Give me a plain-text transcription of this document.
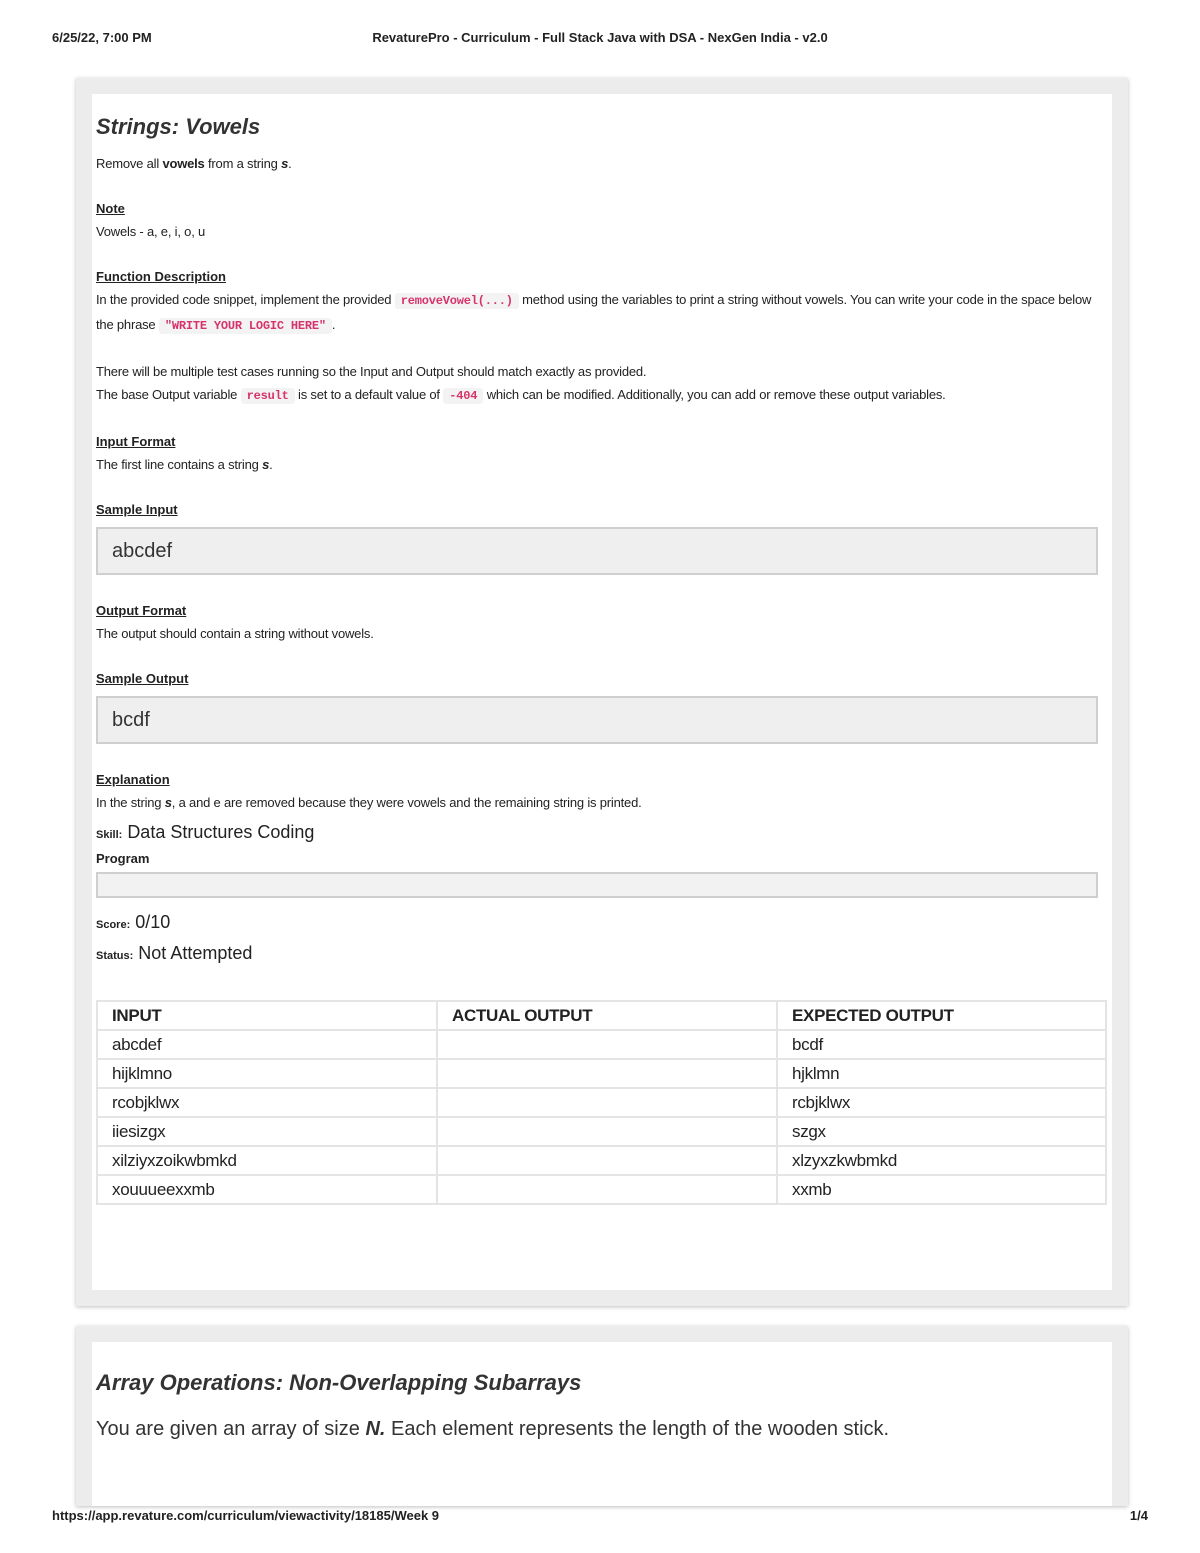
6/25/22, 7:00 PM	RevaturePro - Curriculum - Full Stack Java with DSA - NexGen India - v2.0
Strings: Vowels

Remove all vowels from a string s.

Note

Vowels - a, e, i, o, u

Function Description

In the provided code snippet, implement the provided removeVowel(...) method using the variables to print a string without vowels. You can write your code in the space below the phrase "WRITE YOUR LOGIC HERE" .

There will be multiple test cases running so the Input and Output should match exactly as provided.

The base Output variable result is set to a default value of -404 which can be modified. Additionally, you can add or remove these output variables.

Input Format

The first line contains a string s.

Sample Input

abcdef

Output Format

The output should contain a string without vowels.

Sample Output

bcdf

Explanation

In the string s, a and e are removed because they were vowels and the remaining string is printed.

Skill: Data Structures Coding
Program
Score: 0/10
Status: Not Attempted
INPUT	ACTUAL OUTPUT	EXPECTED OUTPUT
abcdef		bcdf
hijklmno		hjklmn
rcobjklwx		rcbjklwx
iiesizgx		szgx
xilziyxzoikwbmkd		xlzyxzkwbmkd
xouuueexxmb		xxmb
Array Operations: Non-Overlapping Subarrays
You are given an array of size N. Each element represents the length of the wooden stick.
https://app.revature.com/curriculum/viewactivity/18185/Week 9	1/4
